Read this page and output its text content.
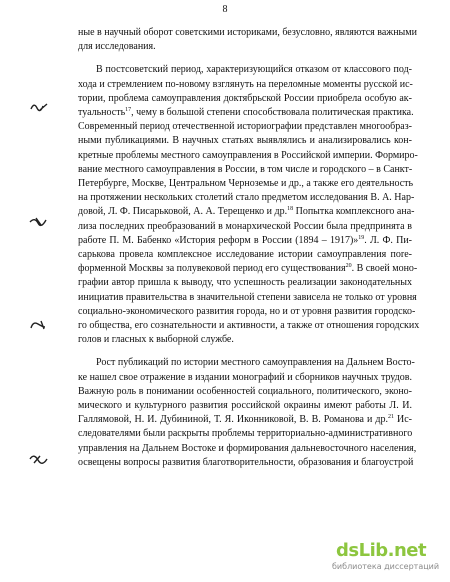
8
ные в научный оборот советскими историками, безусловно, являются важными
для исследования.
В постсоветский период, характеризующийся отказом от классового под-
хода и стремлением по-новому взглянуть на переломные моменты русской ис-
тории, проблема самоуправления доктябрьской России приобрела особую ак-
туальность$^{17}$, чему в большой степени способствовала политическая практика.
Современный период отечественной историографии представлен многообраз-
ными публикациями. В научных статьях выявлялись и анализировались кон-
кретные проблемы местного самоуправления в Российской империи. Формиро-
вание местного самоуправления в России, в том числе и городского – в Санкт-
Петербурге, Москве, Центральном Черноземье и др., а также его деятельность
на протяжении нескольких столетий стало предметом исследования В. А. Нар-
довой, Л. Ф. Писарьковой, А. А. Терещенко и др.$^{18}$ Попытка комплексного ана-
лиза последних преобразований в монархической России была предпринята в
работе П. М. Бабенко «История реформ в России (1894 – 1917)»$^{19}$. Л. Ф. Пи-
сарькова провела комплексное исследование истории самоуправления пore-
форменной Москвы за полувековой период его существования$^{20}$. В своей моно-
графии автор пришла к выводу, что успешность реализации законодательных
инициатив правительства в значительной степени зависела не только от уровня
социально-экономического развития города, но и от уровня развития городско-
го общества, его сознательности и активности, а также от отношения городских
голов и гласных к выборной службе.
Рост публикаций по истории местного самоуправления на Дальнем Восто-
ке нашел свое отражение в издании монографий и сборников научных трудов.
Важную роль в понимании особенностей социального, политического, эконо-
мического и культурного развития российской окраины имеют работы Л. И.
Галлямовой, Н. И. Дубининой, Т. Я. Иконниковой, В. В. Романова и др.$^{21}$ Ис-
следователями были раскрыты проблемы территориально-административного
управления на Дальнем Востоке и формирования дальневосточного населения,
освещены вопросы развития благотворительности, образования и благоустрой
dsLib.net
библиотека диссертаций
